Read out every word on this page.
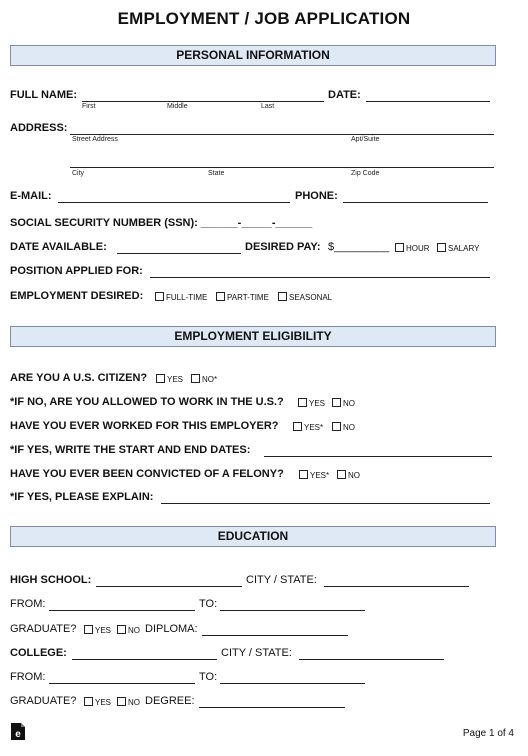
EMPLOYMENT / JOB APPLICATION
PERSONAL INFORMATION
FULL NAME:
First	Middle	Last
DATE:
ADDRESS:
Street Address	Apt/Suite
City	State	Zip Code
E-MAIL:	PHONE:
SOCIAL SECURITY NUMBER (SSN): ______-_____-______
DATE AVAILABLE:	DESIRED PAY: $_________	HOUR	SALARY
POSITION APPLIED FOR:
EMPLOYMENT DESIRED:	FULL-TIME	PART-TIME	SEASONAL
EMPLOYMENT ELIGIBILITY
ARE YOU A U.S. CITIZEN?	YES	NO*
*IF NO, ARE YOU ALLOWED TO WORK IN THE U.S.?	YES	NO
HAVE YOU EVER WORKED FOR THIS EMPLOYER?	YES*	NO
*IF YES, WRITE THE START AND END DATES:
HAVE YOU EVER BEEN CONVICTED OF A FELONY?	YES*	NO
*IF YES, PLEASE EXPLAIN:
EDUCATION
HIGH SCHOOL:	CITY / STATE:
FROM:	TO:
GRADUATE?	YES	NO DIPLOMA:
COLLEGE:	CITY / STATE:
FROM:	TO:
GRADUATE?	YES	NO DEGREE:
e	Page 1 of 4
